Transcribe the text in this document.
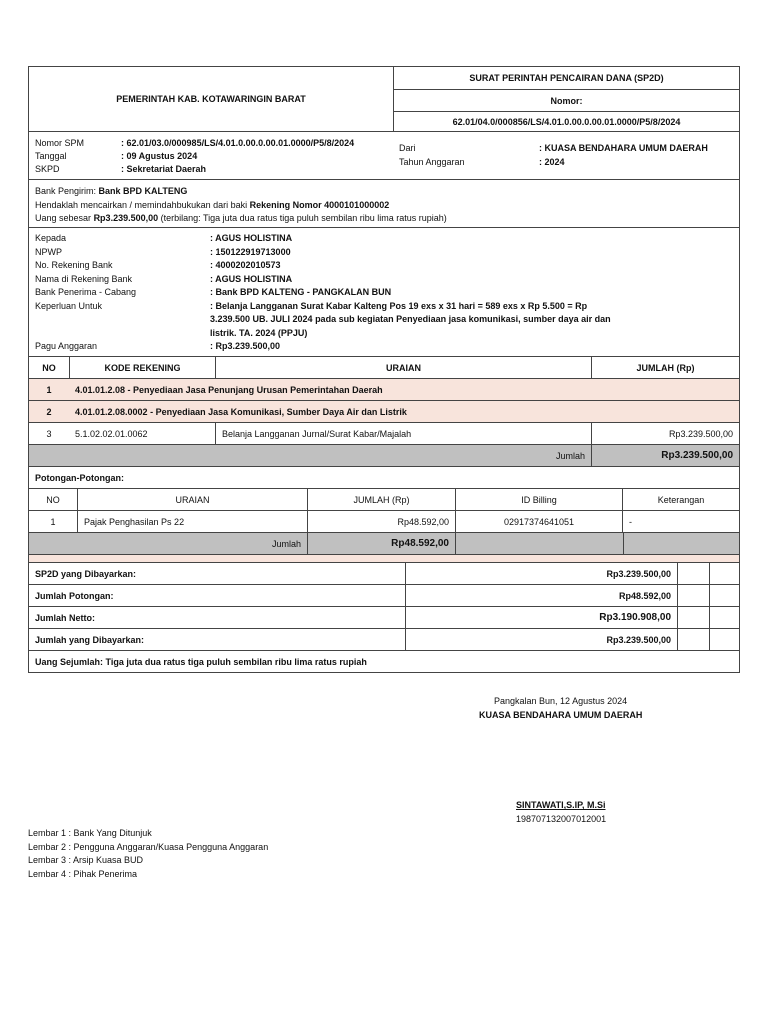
PEMERINTAH KAB. KOTAWARINGIN BARAT
SURAT PERINTAH PENCAIRAN DANA (SP2D)
Nomor:
62.01/04.0/000856/LS/4.01.0.00.0.00.01.0000/P5/8/2024
Nomor SPM	: 62.01/03.0/000985/LS/4.01.0.00.0.00.01.0000/P5/8/2024
Tanggal	: 09 Agustus 2024
SKPD	: Sekretariat Daerah
Dari	: KUASA BENDAHARA UMUM DAERAH
Tahun Anggaran	: 2024
Bank Pengirim: Bank BPD KALTENG
Hendaklah mencairkan / memindahbukukan dari baki Rekening Nomor 4000101000002
Uang sebesar Rp3.239.500,00 (terbilang: Tiga juta dua ratus tiga puluh sembilan ribu lima ratus rupiah)
Kepada	: AGUS HOLISTINA
NPWP	: 150122919713000
No. Rekening Bank	: 4000202010573
Nama di Rekening Bank	: AGUS HOLISTINA
Bank Penerima - Cabang	: Bank BPD KALTENG - PANGKALAN BUN
Keperluan Untuk	: Belanja Langganan Surat Kabar Kalteng Pos 19 exs x 31 hari = 589 exs x Rp 5.500 = Rp
3.239.500 UB. JULI 2024 pada sub kegiatan Penyediaan jasa komunikasi, sumber daya air dan
listrik. TA. 2024 (PPJU)
Pagu Anggaran	: Rp3.239.500,00
NO	KODE REKENING	URAIAN	JUMLAH (Rp)
1	4.01.01.2.08 - Penyediaan Jasa Penunjang Urusan Pemerintahan Daerah
2	4.01.01.2.08.0002 - Penyediaan Jasa Komunikasi, Sumber Daya Air dan Listrik
3	5.1.02.02.01.0062	Belanja Langganan Jurnal/Surat Kabar/Majalah	Rp3.239.500,00
Jumlah	Rp3.239.500,00
Potongan-Potongan:
NO	URAIAN	JUMLAH (Rp)	ID Billing	Keterangan
1	Pajak Penghasilan Ps 22	Rp48.592,00	02917374641051	-
Jumlah	Rp48.592,00
SP2D yang Dibayarkan:	Rp3.239.500,00
Jumlah Potongan:	Rp48.592,00
Jumlah Netto:	Rp3.190.908,00
Jumlah yang Dibayarkan:	Rp3.239.500,00
Uang Sejumlah: Tiga juta dua ratus tiga puluh sembilan ribu lima ratus rupiah
Pangkalan Bun, 12 Agustus 2024
KUASA BENDAHARA UMUM DAERAH
SINTAWATI,S.IP, M.Si
198707132007012001
Lembar 1 : Bank Yang Ditunjuk
Lembar 2 : Pengguna Anggaran/Kuasa Pengguna Anggaran
Lembar 3 : Arsip Kuasa BUD
Lembar 4 : Pihak Penerima
